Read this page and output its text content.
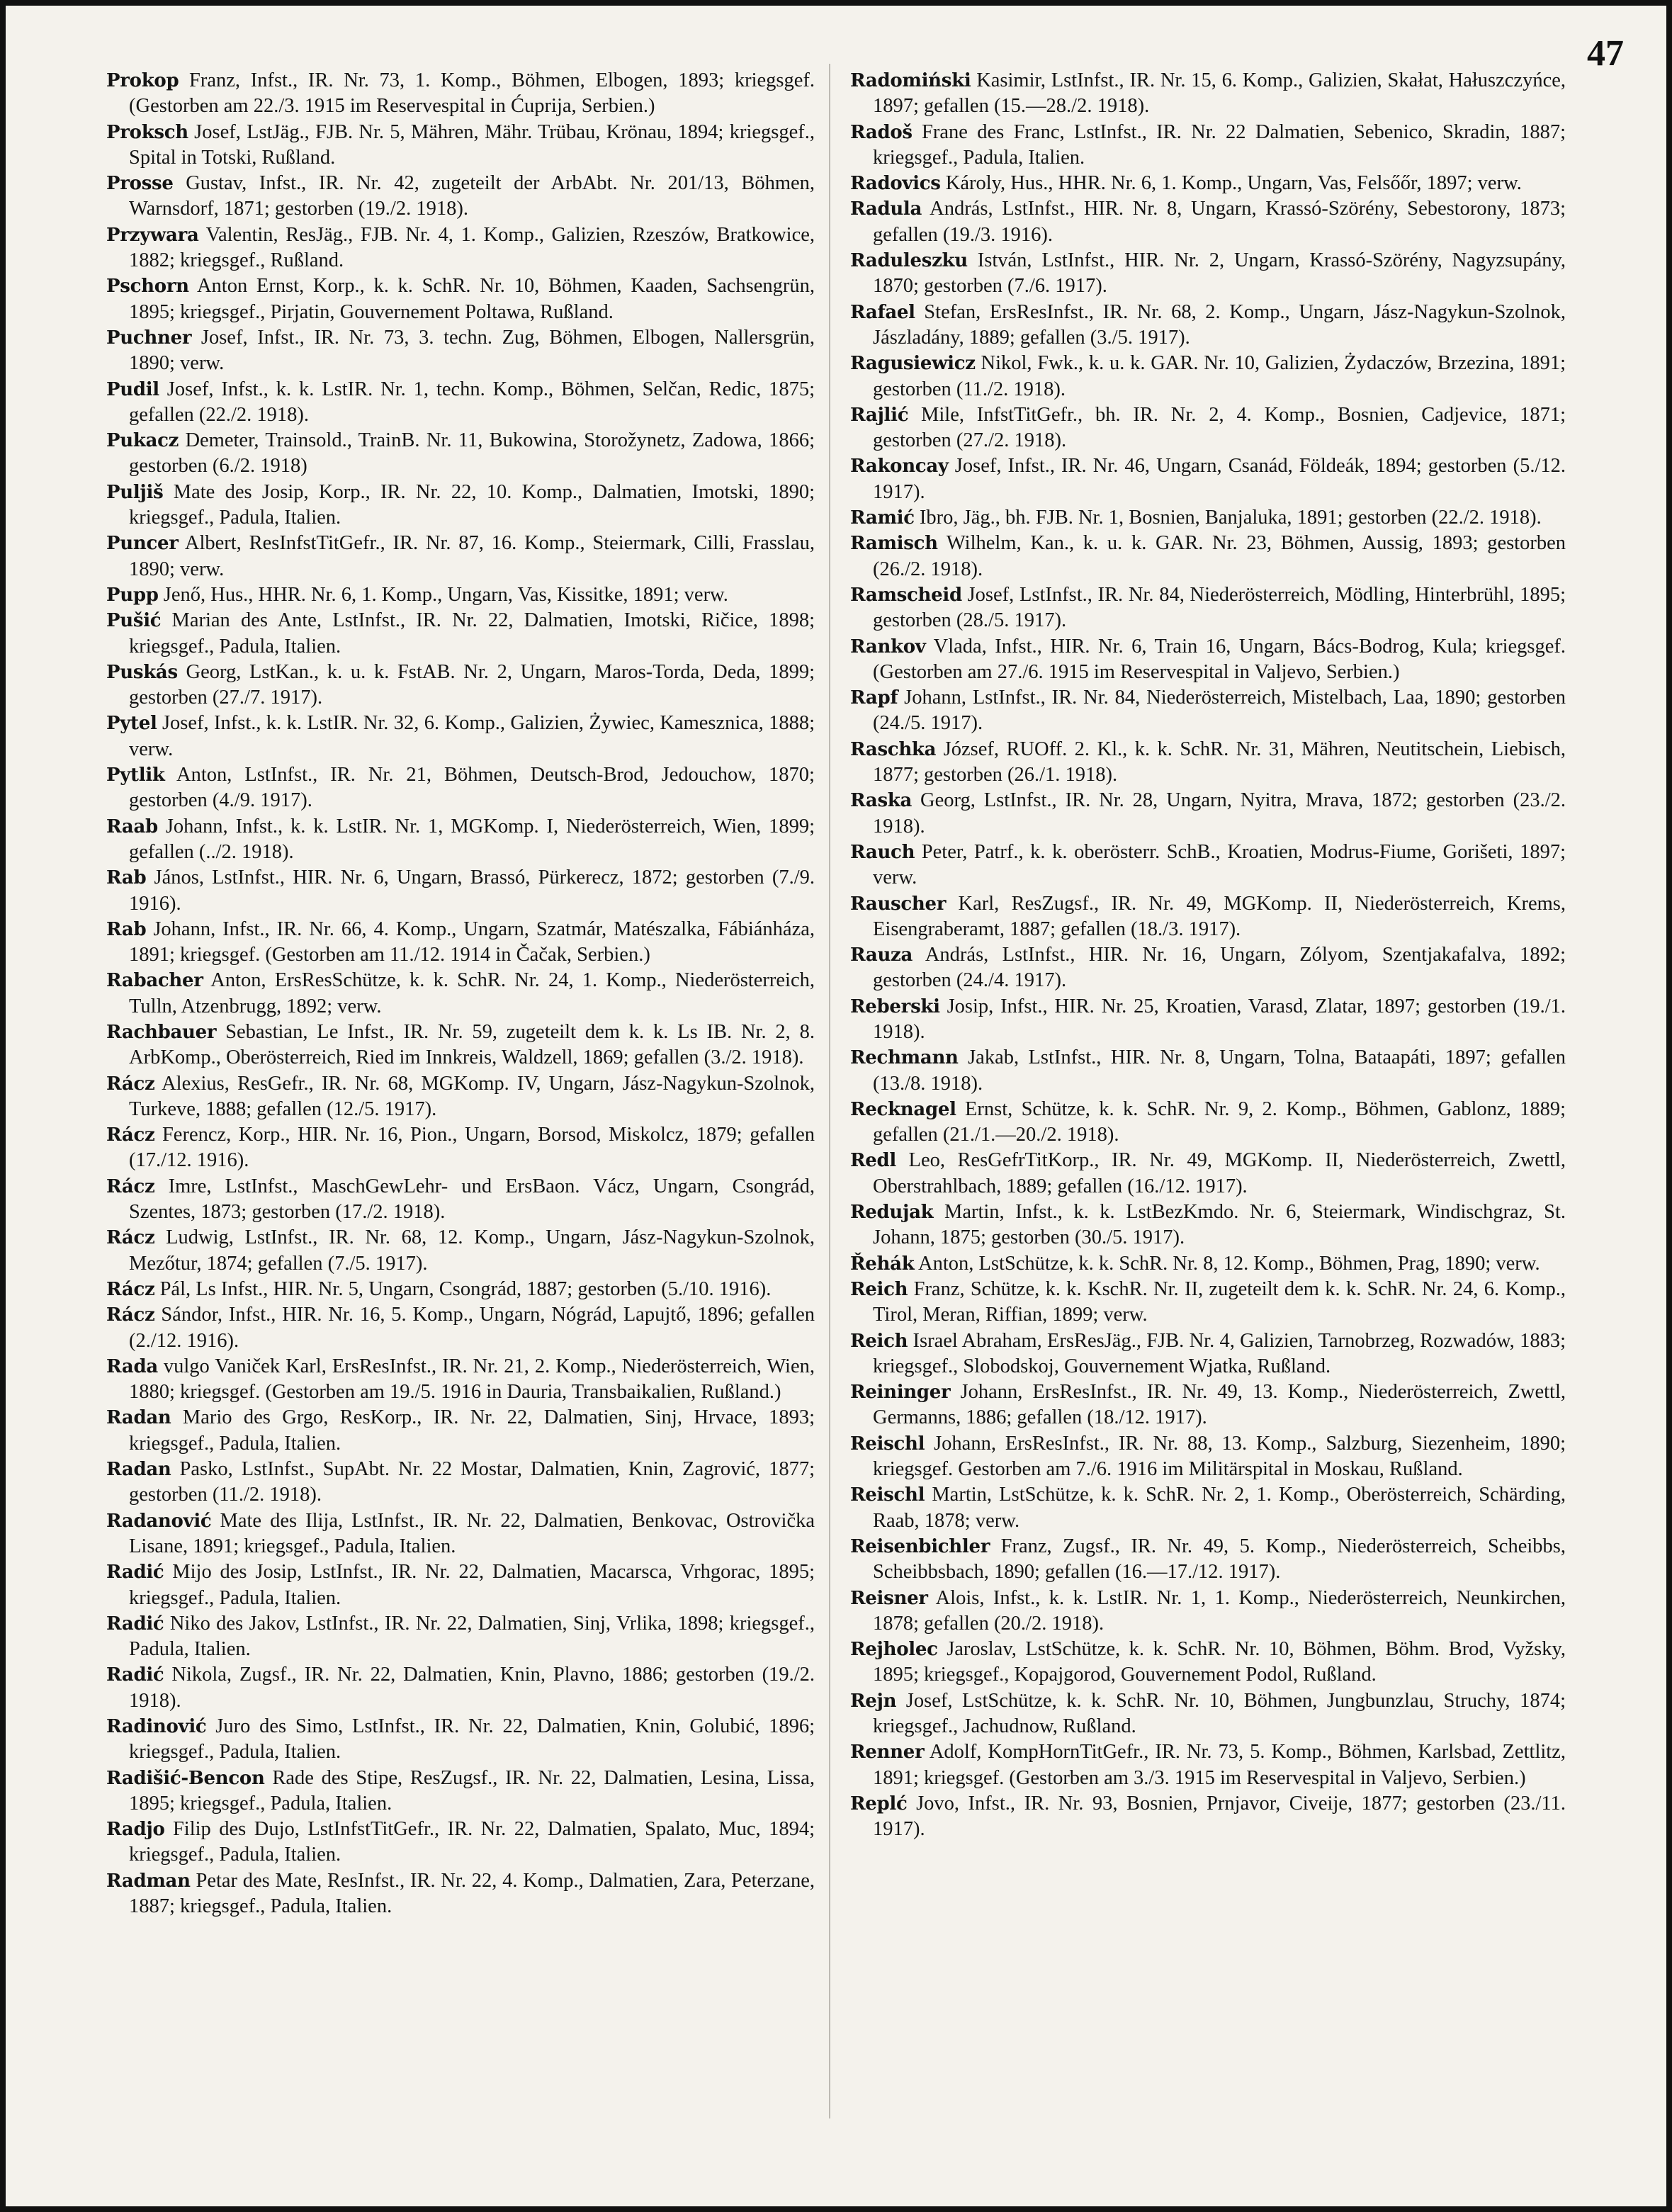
47

Prokop Franz, Infst., IR. Nr. 73, 1. Komp., Böhmen, Elbogen, 1893; kriegsgef. (Gestorben am 22./3. 1915 im Reservespital in Ćuprija, Serbien.)

Proksch Josef, LstJäg., FJB. Nr. 5, Mähren, Mähr. Trübau, Krönau, 1894; kriegsgef., Spital in Totski, Rußland.

Prosse Gustav, Infst., IR. Nr. 42, zugeteilt der ArbAbt. Nr. 201/13, Böhmen, Warnsdorf, 1871; gestorben (19./2. 1918).

Przywara Valentin, ResJäg., FJB. Nr. 4, 1. Komp., Galizien, Rzeszów, Bratkowice, 1882; kriegsgef., Rußland.

Pschorn Anton Ernst, Korp., k. k. SchR. Nr. 10, Böhmen, Kaaden, Sachsengrün, 1895; kriegsgef., Pirjatin, Gouvernement Poltawa, Rußland.

Puchner Josef, Infst., IR. Nr. 73, 3. techn. Zug, Böhmen, Elbogen, Nallersgrün, 1890; verw.

Pudil Josef, Infst., k. k. LstIR. Nr. 1, techn. Komp., Böhmen, Selčan, Redic, 1875; gefallen (22./2. 1918).

Pukacz Demeter, Trainsold., TrainB. Nr. 11, Bukowina, Storožynetz, Zadowa, 1866; gestorben (6./2. 1918)

Puljiš Mate des Josip, Korp., IR. Nr. 22, 10. Komp., Dalmatien, Imotski, 1890; kriegsgef., Padula, Italien.

Puncer Albert, ResInfstTitGefr., IR. Nr. 87, 16. Komp., Steiermark, Cilli, Frasslau, 1890; verw.

Pupp Jenő, Hus., HHR. Nr. 6, 1. Komp., Ungarn, Vas, Kissitke, 1891; verw.

Pušić Marian des Ante, LstInfst., IR. Nr. 22, Dalmatien, Imotski, Ričice, 1898; kriegsgef., Padula, Italien.

Puskás Georg, LstKan., k. u. k. FstAB. Nr. 2, Ungarn, Maros-Torda, Deda, 1899; gestorben (27./7. 1917).

Pytel Josef, Infst., k. k. LstIR. Nr. 32, 6. Komp., Galizien, Żywiec, Kamesznica, 1888; verw.

Pytlik Anton, LstInfst., IR. Nr. 21, Böhmen, Deutsch-Brod, Jedouchow, 1870; gestorben (4./9. 1917).

Raab Johann, Infst., k. k. LstIR. Nr. 1, MGKomp. I, Niederösterreich, Wien, 1899; gefallen (../2. 1918).

Rab János, LstInfst., HIR. Nr. 6, Ungarn, Brassó, Pürkerecz, 1872; gestorben (7./9. 1916).

Rab Johann, Infst., IR. Nr. 66, 4. Komp., Ungarn, Szatmár, Matészalka, Fábiánháza, 1891; kriegsgef. (Gestorben am 11./12. 1914 in Čačak, Serbien.)

Rabacher Anton, ErsResSchütze, k. k. SchR. Nr. 24, 1. Komp., Niederösterreich, Tulln, Atzenbrugg, 1892; verw.

Rachbauer Sebastian, Le Infst., IR. Nr. 59, zugeteilt dem k. k. Ls IB. Nr. 2, 8. ArbKomp., Oberösterreich, Ried im Innkreis, Waldzell, 1869; gefallen (3./2. 1918).

Rácz Alexius, ResGefr., IR. Nr. 68, MGKomp. IV, Ungarn, Jász-Nagykun-Szolnok, Turkeve, 1888; gefallen (12./5. 1917).

Rácz Ferencz, Korp., HIR. Nr. 16, Pion., Ungarn, Borsod, Miskolcz, 1879; gefallen (17./12. 1916).

Rácz Imre, LstInfst., MaschGewLehr- und ErsBaon. Vácz, Ungarn, Csongrád, Szentes, 1873; gestorben (17./2. 1918).

Rácz Ludwig, LstInfst., IR. Nr. 68, 12. Komp., Ungarn, Jász-Nagykun-Szolnok, Mezőtur, 1874; gefallen (7./5. 1917).

Rácz Pál, Ls Infst., HIR. Nr. 5, Ungarn, Csongrád, 1887; gestorben (5./10. 1916).

Rácz Sándor, Infst., HIR. Nr. 16, 5. Komp., Ungarn, Nógrád, Lapujtő, 1896; gefallen (2./12. 1916).

Rada vulgo Vaniček Karl, ErsResInfst., IR. Nr. 21, 2. Komp., Niederösterreich, Wien, 1880; kriegsgef. (Gestorben am 19./5. 1916 in Dauria, Transbaikalien, Rußland.)

Radan Mario des Grgo, ResKorp., IR. Nr. 22, Dalmatien, Sinj, Hrvace, 1893; kriegsgef., Padula, Italien.

Radan Pasko, LstInfst., SupAbt. Nr. 22 Mostar, Dalmatien, Knin, Zagrović, 1877; gestorben (11./2. 1918).

Radanović Mate des Ilija, LstInfst., IR. Nr. 22, Dalmatien, Benkovac, Ostrovička Lisane, 1891; kriegsgef., Padula, Italien.

Radić Mijo des Josip, LstInfst., IR. Nr. 22, Dalmatien, Macarsca, Vrhgorac, 1895; kriegsgef., Padula, Italien.

Radić Niko des Jakov, LstInfst., IR. Nr. 22, Dalmatien, Sinj, Vrlika, 1898; kriegsgef., Padula, Italien.

Radić Nikola, Zugsf., IR. Nr. 22, Dalmatien, Knin, Plavno, 1886; gestorben (19./2. 1918).

Radinović Juro des Simo, LstInfst., IR. Nr. 22, Dalmatien, Knin, Golubić, 1896; kriegsgef., Padula, Italien.

Radišić-Bencon Rade des Stipe, ResZugsf., IR. Nr. 22, Dalmatien, Lesina, Lissa, 1895; kriegsgef., Padula, Italien.

Radjo Filip des Dujo, LstInfstTitGefr., IR. Nr. 22, Dalmatien, Spalato, Muc, 1894; kriegsgef., Padula, Italien.

Radman Petar des Mate, ResInfst., IR. Nr. 22, 4. Komp., Dalmatien, Zara, Peterzane, 1887; kriegsgef., Padula, Italien.

Radomiński Kasimir, LstInfst., IR. Nr. 15, 6. Komp., Galizien, Skałat, Hałuszczyńce, 1897; gefallen (15.—28./2. 1918).

Radoš Frane des Franc, LstInfst., IR. Nr. 22 Dalmatien, Sebenico, Skradin, 1887; kriegsgef., Padula, Italien.

Radovics Károly, Hus., HHR. Nr. 6, 1. Komp., Ungarn, Vas, Felsőőr, 1897; verw.

Radula András, LstInfst., HIR. Nr. 8, Ungarn, Krassó-Szörény, Sebestorony, 1873; gefallen (19./3. 1916).

Raduleszku István, LstInfst., HIR. Nr. 2, Ungarn, Krassó-Szörény, Nagyzsupány, 1870; gestorben (7./6. 1917).

Rafael Stefan, ErsResInfst., IR. Nr. 68, 2. Komp., Ungarn, Jász-Nagykun-Szolnok, Jászladány, 1889; gefallen (3./5. 1917).

Ragusiewicz Nikol, Fwk., k. u. k. GAR. Nr. 10, Galizien, Żydaczów, Brzezina, 1891; gestorben (11./2. 1918).

Rajlić Mile, InfstTitGefr., bh. IR. Nr. 2, 4. Komp., Bosnien, Cadjevice, 1871; gestorben (27./2. 1918).

Rakoncay Josef, Infst., IR. Nr. 46, Ungarn, Csanád, Földeák, 1894; gestorben (5./12. 1917).

Ramić Ibro, Jäg., bh. FJB. Nr. 1, Bosnien, Banjaluka, 1891; gestorben (22./2. 1918).

Ramisch Wilhelm, Kan., k. u. k. GAR. Nr. 23, Böhmen, Aussig, 1893; gestorben (26./2. 1918).

Ramscheid Josef, LstInfst., IR. Nr. 84, Niederösterreich, Mödling, Hinterbrühl, 1895; gestorben (28./5. 1917).

Rankov Vlada, Infst., HIR. Nr. 6, Train 16, Ungarn, Bács-Bodrog, Kula; kriegsgef. (Gestorben am 27./6. 1915 im Reservespital in Valjevo, Serbien.)

Rapf Johann, LstInfst., IR. Nr. 84, Niederösterreich, Mistelbach, Laa, 1890; gestorben (24./5. 1917).

Raschka József, RUOff. 2. Kl., k. k. SchR. Nr. 31, Mähren, Neutitschein, Liebisch, 1877; gestorben (26./1. 1918).

Raska Georg, LstInfst., IR. Nr. 28, Ungarn, Nyitra, Mrava, 1872; gestorben (23./2. 1918).

Rauch Peter, Patrf., k. k. oberösterr. SchB., Kroatien, Modrus-Fiume, Gorišeti, 1897; verw.

Rauscher Karl, ResZugsf., IR. Nr. 49, MGKomp. II, Niederösterreich, Krems, Eisengraberamt, 1887; gefallen (18./3. 1917).

Rauza András, LstInfst., HIR. Nr. 16, Ungarn, Zólyom, Szentjakafalva, 1892; gestorben (24./4. 1917).

Reberski Josip, Infst., HIR. Nr. 25, Kroatien, Varasd, Zlatar, 1897; gestorben (19./1. 1918).

Rechmann Jakab, LstInfst., HIR. Nr. 8, Ungarn, Tolna, Bataapáti, 1897; gefallen (13./8. 1918).

Recknagel Ernst, Schütze, k. k. SchR. Nr. 9, 2. Komp., Böhmen, Gablonz, 1889; gefallen (21./1.—20./2. 1918).

Redl Leo, ResGefrTitKorp., IR. Nr. 49, MGKomp. II, Niederösterreich, Zwettl, Oberstrahlbach, 1889; gefallen (16./12. 1917).

Redujak Martin, Infst., k. k. LstBezKmdo. Nr. 6, Steiermark, Windischgraz, St. Johann, 1875; gestorben (30./5. 1917).

Řehák Anton, LstSchütze, k. k. SchR. Nr. 8, 12. Komp., Böhmen, Prag, 1890; verw.

Reich Franz, Schütze, k. k. KschR. Nr. II, zugeteilt dem k. k. SchR. Nr. 24, 6. Komp., Tirol, Meran, Riffian, 1899; verw.

Reich Israel Abraham, ErsResJäg., FJB. Nr. 4, Galizien, Tarnobrzeg, Rozwadów, 1883; kriegsgef., Slobodskoj, Gouvernement Wjatka, Rußland.

Reininger Johann, ErsResInfst., IR. Nr. 49, 13. Komp., Niederösterreich, Zwettl, Germanns, 1886; gefallen (18./12. 1917).

Reischl Johann, ErsResInfst., IR. Nr. 88, 13. Komp., Salzburg, Siezenheim, 1890; kriegsgef. Gestorben am 7./6. 1916 im Militärspital in Moskau, Rußland.

Reischl Martin, LstSchütze, k. k. SchR. Nr. 2, 1. Komp., Oberösterreich, Schärding, Raab, 1878; verw.

Reisenbichler Franz, Zugsf., IR. Nr. 49, 5. Komp., Niederösterreich, Scheibbs, Scheibbsbach, 1890; gefallen (16.—17./12. 1917).

Reisner Alois, Infst., k. k. LstIR. Nr. 1, 1. Komp., Niederösterreich, Neunkirchen, 1878; gefallen (20./2. 1918).

Rejholec Jaroslav, LstSchütze, k. k. SchR. Nr. 10, Böhmen, Böhm. Brod, Vyžsky, 1895; kriegsgef., Kopajgorod, Gouvernement Podol, Rußland.

Rejn Josef, LstSchütze, k. k. SchR. Nr. 10, Böhmen, Jungbunzlau, Struchy, 1874; kriegsgef., Jachudnow, Rußland.

Renner Adolf, KompHornTitGefr., IR. Nr. 73, 5. Komp., Böhmen, Karlsbad, Zettlitz, 1891; kriegsgef. (Gestorben am 3./3. 1915 im Reservespital in Valjevo, Serbien.)

Replć Jovo, Infst., IR. Nr. 93, Bosnien, Prnjavor, Civeije, 1877; gestorben (23./11. 1917).
